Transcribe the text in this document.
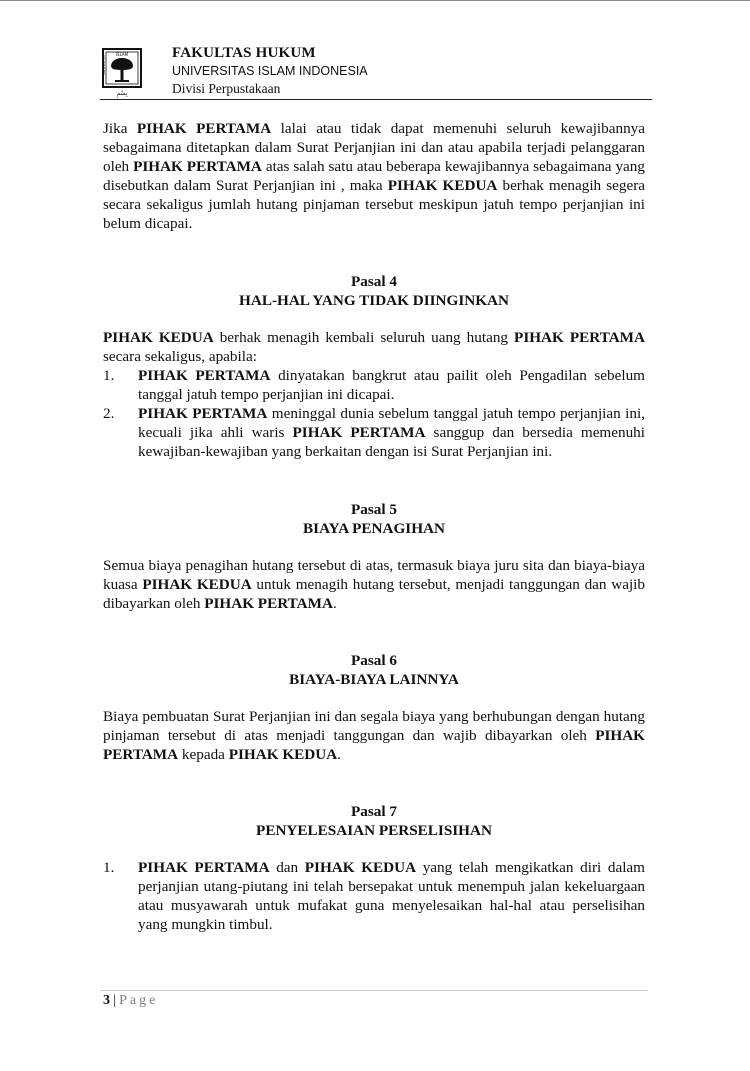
ISLAM
UNIVERSITAS	INDONESIA
بِسْمِ
FAKULTAS HUKUM
UNIVERSITAS ISLAM INDONESIA
Divisi Perpustakaan

Jika PIHAK PERTAMA lalai atau tidak dapat memenuhi seluruh kewajibannya sebagaimana ditetapkan dalam Surat Perjanjian ini dan atau apabila terjadi pelanggaran oleh PIHAK PERTAMA atas salah satu atau beberapa kewajibannya sebagaimana yang disebutkan dalam Surat Perjanjian ini , maka PIHAK KEDUA berhak menagih segera secara sekaligus jumlah hutang pinjaman tersebut meskipun jatuh tempo perjanjian ini belum dicapai.

Pasal 4
HAL-HAL YANG TIDAK DIINGINKAN

PIHAK KEDUA berhak menagih kembali seluruh uang hutang PIHAK PERTAMA secara sekaligus, apabila:

1. PIHAK PERTAMA dinyatakan bangkrut atau pailit oleh Pengadilan sebelum tanggal jatuh tempo perjanjian ini dicapai.
2. PIHAK PERTAMA meninggal dunia sebelum tanggal jatuh tempo perjanjian ini, kecuali jika ahli waris PIHAK PERTAMA sanggup dan bersedia memenuhi kewajiban-kewajiban yang berkaitan dengan isi Surat Perjanjian ini.
Pasal 5
BIAYA PENAGIHAN

Semua biaya penagihan hutang tersebut di atas, termasuk biaya juru sita dan biaya-biaya kuasa PIHAK KEDUA untuk menagih hutang tersebut, menjadi tanggungan dan wajib dibayarkan oleh PIHAK PERTAMA.

Pasal 6
BIAYA-BIAYA LAINNYA

Biaya pembuatan Surat Perjanjian ini dan segala biaya yang berhubungan dengan hutang pinjaman tersebut di atas menjadi tanggungan dan wajib dibayarkan oleh PIHAK PERTAMA kepada PIHAK KEDUA.

Pasal 7
PENYELESAIAN PERSELISIHAN
1. PIHAK PERTAMA dan PIHAK KEDUA yang telah mengikatkan diri dalam perjanjian utang-piutang ini telah bersepakat untuk menempuh jalan kekeluargaan atau musyawarah untuk mufakat guna menyelesaikan hal-hal atau perselisihan yang mungkin timbul.
3 | Page
